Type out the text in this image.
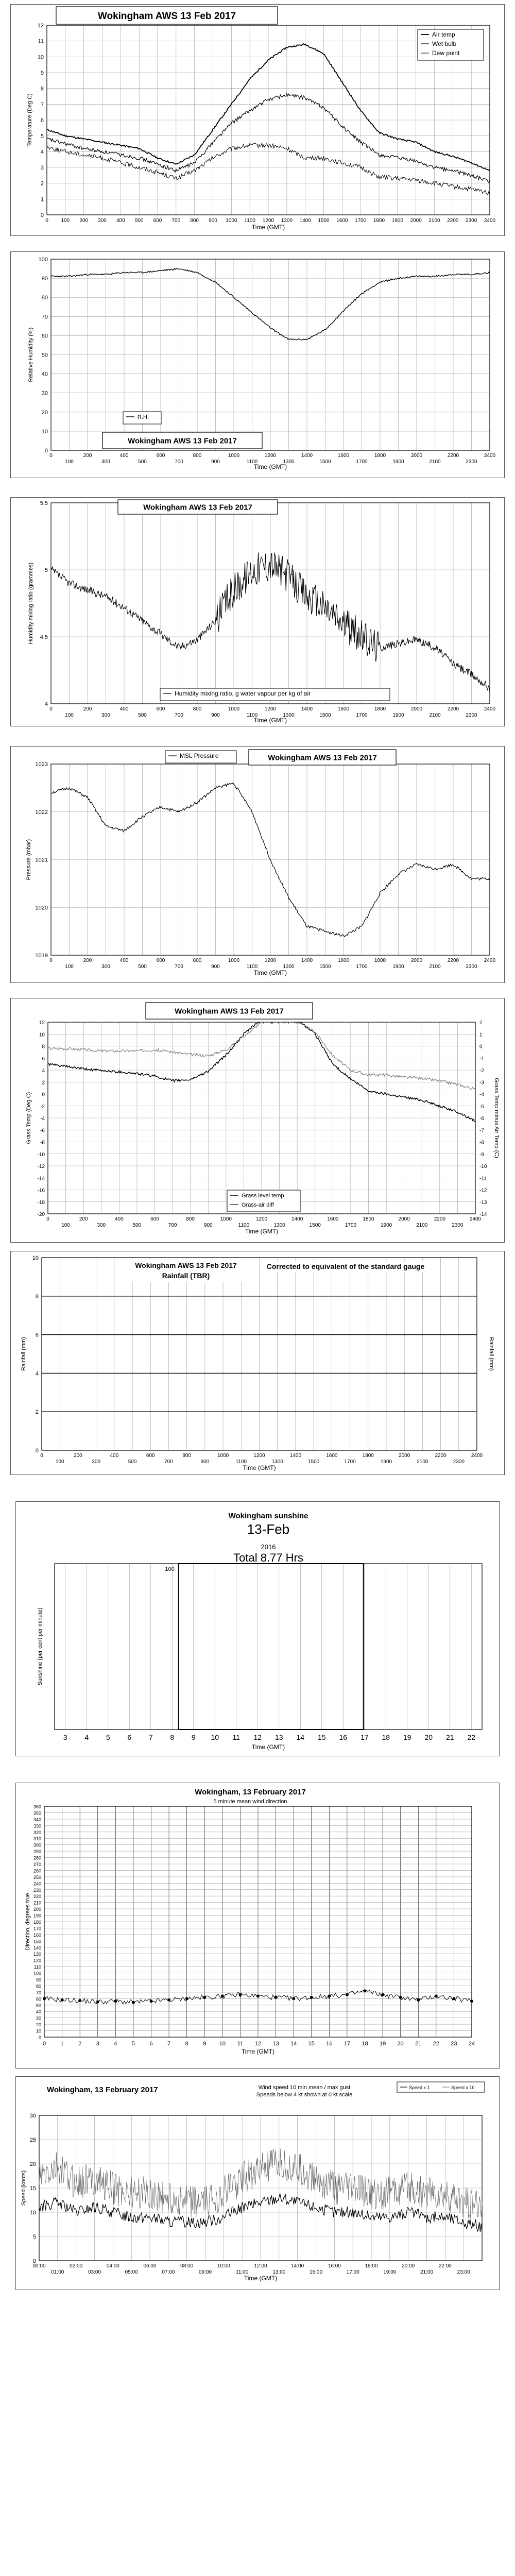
0
1
2
3
4
5
6
7
8
9
10
11
12
0 100 200 300 400 500 600 700 800 900 1000 1100 1200 1300 1400 1500 1600 1700 1800 1900 2000 2100 2200 2300 2400
Time (GMT)
Temperature (Deg C)
Wokingham AWS 13 Feb 2017
Air temp
Wet bulb
Dew point
0
10
20
30
40
50
60
70
80
90
100
0	200	400	600	800	1000	1200	1400	1600	1800	2000	2200	2400
100	300	500	700	900	1100	1300	1500	1700	1900	2100	2300
Time (GMT)
Relative Humidity (%)
R.H.
Wokingham AWS 13 Feb 2017
4
4.5
5
5.5
0	200	400	600	800	1000	1200	1400	1600	1800	2000	2200	2400
100	300	500	700	900	1100	1300	1500	1700	1900	2100	2300
Time (GMT)
Humidity mixing ratio (grammes)
Humidity mixing ratio, g water vapour per kg of air
Wokingham AWS 13 Feb 2017
1019
1020
1021
1022
1023
0	200	400	600	800	1000	1200	1400	1600	1800	2000	2200	2400
100	300	500	700	900	1100	1300	1500	1700	1900	2100	2300
Time (GMT)
Pressure (mbar)
MSL Pressure	Wokingham AWS 13 Feb 2017
12
10
8
6
4
2
0
-2
-4
-6
-8
-10
-12
-14
-16
-18
-20
2
1
0
-1
-2
-3
-4
-5
-6
-7
-8
-9
-10
-11
-12
-13
-14
0	200	400	600	800	1000	1200	1400	1600	1800	2000	2200	2400
100	300	500	700	900	1100	1300	1500	1700	1900	2100	2300
Time (GMT)
Grass Temp (Deg C)	Grass Temp minus Air Temp (C)
Grass level temp
Grass-air diff
Wokingham AWS 13 Feb 2017
0
2
4
6
8
10
0	200	400	600	800	1000	1200	1400	1600	1800	2000	2200	2400
100	300	500	700	900	1100	1300	1500	1700	1900	2100	2300
Time (GMT)
Rainfall (mm)	Rainfall (mm)
Wokingham AWS 13 Feb 2017
Rainfall (TBR)
Corrected to equivalent of the standard gauge
3 4 5 6 7 8 9 10 11 12 13 14 15 16 17 18 19 20 21 22
Time (GMT)
Sunshine (per cent per minute)
Wokingham sunshine
13-Feb
2016
Total 8.77 Hrs
100
0
10
20
30
40
50
60
70
80
90
100
110
120
130
140
150
160
170
180
190
200
210
220
230
240
250
260
270
280
290
300
310
320
330
340
350
360
0	1	2	3	4	5	6	7	8	9 10 11 12 13 14 15 16 17 18 19 20 21 22 23 24
Time (GMT)
Direction, degrees true
Wokingham, 13 February 2017
5 minute mean wind direction
0
5
10
15
20
25
30
00:00	02:00	04:00	06:00	08:00	10:00	12:00	14:00	16:00	18:00	20:00	22:00
01:00	03:00	05:00	07:00	09:00	11:00	13:00	15:00	17:00	19:00	21:00	23:00
Time (GMT)
Speed (knots)
Wokingham, 13 February 2017	Wind speed 10 min mean / max gust
Speeds below 4 kt shown at 0 kt scale
Speed x 1	Speed x 10
